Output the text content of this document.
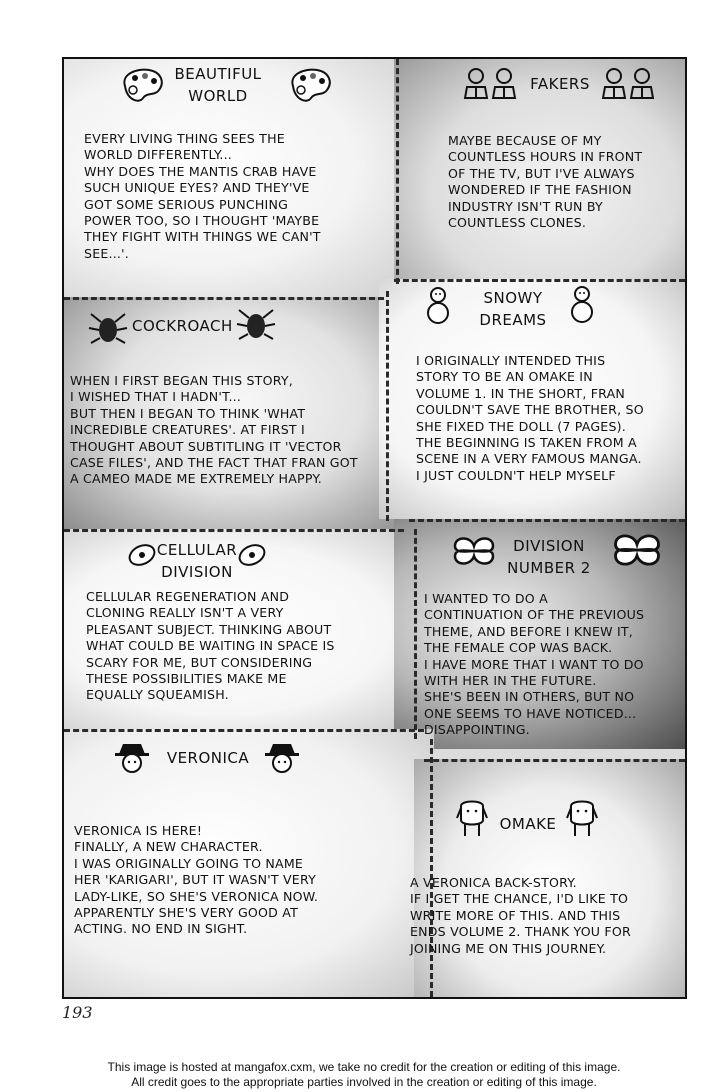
BEAUTIFUL
WORLD
EVERY LIVING THING SEES THE
WORLD DIFFERENTLY...
WHY DOES THE MANTIS CRAB HAVE
SUCH UNIQUE EYES? AND THEY'VE
GOT SOME SERIOUS PUNCHING
POWER TOO, SO I THOUGHT 'MAYBE
THEY FIGHT WITH THINGS WE CAN'T
SEE...'.
FAKERS
MAYBE BECAUSE OF MY
COUNTLESS HOURS IN FRONT
OF THE TV, BUT I'VE ALWAYS
WONDERED IF THE FASHION
INDUSTRY ISN'T RUN BY
COUNTLESS CLONES.
COCKROACH
WHEN I FIRST BEGAN THIS STORY,
I WISHED THAT I HADN'T...
BUT THEN I BEGAN TO THINK 'WHAT
INCREDIBLE CREATURES'. AT FIRST I
THOUGHT ABOUT SUBTITLING IT 'VECTOR
CASE FILES', AND THE FACT THAT FRAN GOT
A CAMEO MADE ME EXTREMELY HAPPY.
SNOWY
DREAMS
I ORIGINALLY INTENDED THIS
STORY TO BE AN OMAKE IN
VOLUME 1. IN THE SHORT, FRAN
COULDN'T SAVE THE BROTHER, SO
SHE FIXED THE DOLL (7 PAGES).
THE BEGINNING IS TAKEN FROM A
SCENE IN A VERY FAMOUS MANGA.
I JUST COULDN'T HELP MYSELF
CELLULAR
DIVISION
CELLULAR REGENERATION AND
CLONING REALLY ISN'T A VERY
PLEASANT SUBJECT. THINKING ABOUT
WHAT COULD BE WAITING IN SPACE IS
SCARY FOR ME, BUT CONSIDERING
THESE POSSIBILITIES MAKE ME
EQUALLY SQUEAMISH.
DIVISION
NUMBER 2
I WANTED TO DO A
CONTINUATION OF THE PREVIOUS
THEME, AND BEFORE I KNEW IT,
THE FEMALE COP WAS BACK.
I HAVE MORE THAT I WANT TO DO
WITH HER IN THE FUTURE.
SHE'S BEEN IN OTHERS, BUT NO
ONE SEEMS TO HAVE NOTICED...
DISAPPOINTING.
VERONICA
VERONICA IS HERE!
FINALLY, A NEW CHARACTER.
I WAS ORIGINALLY GOING TO NAME
HER 'KARIGARI', BUT IT WASN'T VERY
LADY-LIKE, SO SHE'S VERONICA NOW.
APPARENTLY SHE'S VERY GOOD AT
ACTING. NO END IN SIGHT.
OMAKE
A VERONICA BACK-STORY.
IF I GET THE CHANCE, I'D LIKE TO
WRITE MORE OF THIS. AND THIS
ENDS VOLUME 2. THANK YOU FOR
JOINING ME ON THIS JOURNEY.
193
This image is hosted at mangafox.cxm, we take no credit for the creation or editing of this image.
All credit goes to the appropriate parties involved in the creation or editing of this image.
